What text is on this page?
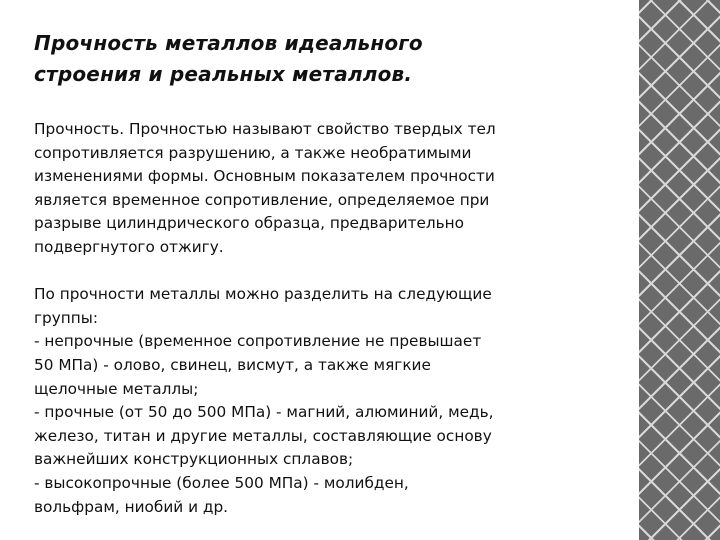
Прочность металлов идеального
строения и реальных металлов.

Прочность. Прочностью называют свойство твердых тел

сопротивляется разрушению, а также необратимыми

изменениями формы. Основным показателем прочности

является временное сопротивление, определяемое при

разрыве цилиндрического образца, предварительно

подвергнутого отжигу.

По прочности металлы можно разделить на следующие

группы:

- непрочные (временное сопротивление не превышает

50 МПа) - олово, свинец, висмут, а также мягкие

щелочные металлы;

- прочные (от 50 до 500 МПа) - магний, алюминий, медь,

железо, титан и другие металлы, составляющие основу

важнейших конструкционных сплавов;

- высокопрочные (более 500 МПа) - молибден,

вольфрам, ниобий и др.
